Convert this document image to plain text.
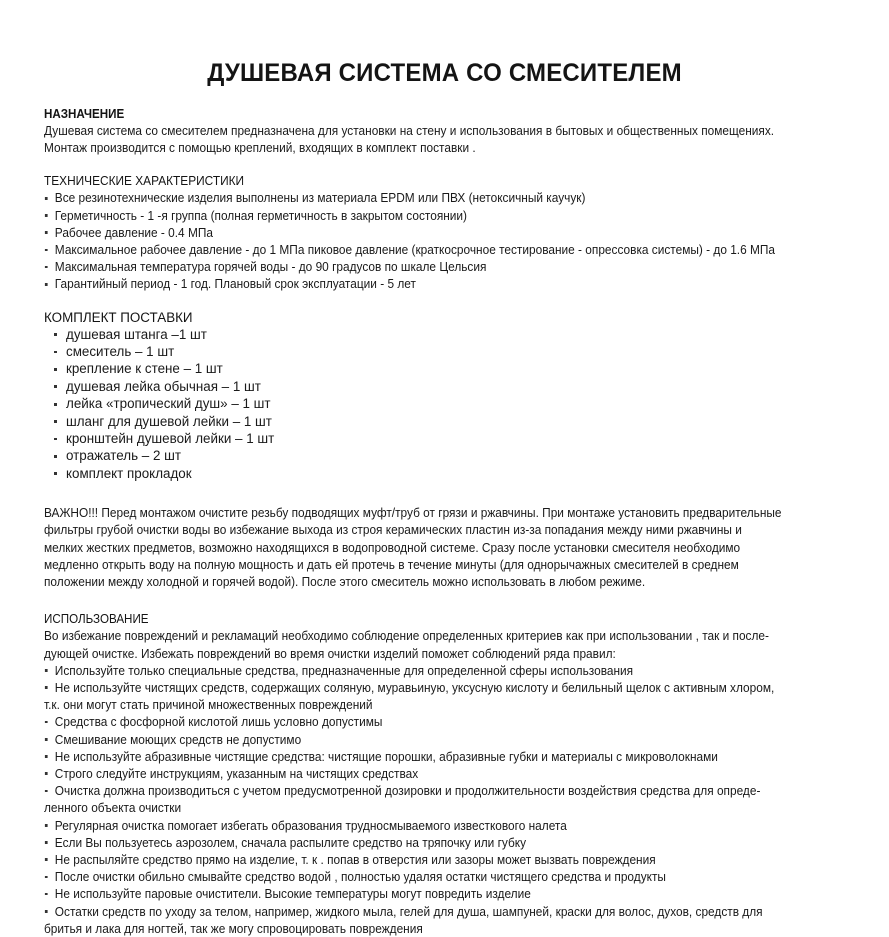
ДУШЕВАЯ СИСТЕМА СО СМЕСИТЕЛЕМ
НАЗНАЧЕНИЕ
Душевая система со смесителем предназначена для установки на стену и использования в бытовых и общественных помещениях.
Монтаж производится с помощью креплений, входящих в комплект поставки .
ТЕХНИЧЕСКИЕ ХАРАКТЕРИСТИКИ
Все резинотехнические изделия выполнены из материала EPDM или ПВХ (нетоксичный каучук)
Герметичность - 1 -я группа (полная герметичность в закрытом состоянии)
Рабочее давление - 0.4 МПа
Максимальное рабочее давление - до 1 МПа пиковое давление (краткосрочное тестирование - опрессовка системы) - до 1.6 МПа
Максимальная температура горячей воды - до 90 градусов по шкале Цельсия
Гарантийный период - 1 год. Плановый срок эксплуатации - 5 лет
КОМПЛЕКТ ПОСТАВКИ
душевая штанга –1 шт
смеситель – 1 шт
крепление к стене – 1 шт
душевая лейка обычная – 1 шт
лейка «тропический душ» – 1 шт
шланг для душевой лейки – 1 шт
кронштейн душевой лейки – 1 шт
отражатель – 2 шт
комплект прокладок
ВАЖНО!!! Перед монтажом очистите резьбу подводящих муфт/труб от грязи и ржавчины. При монтаже установить предварительные
фильтры грубой очистки воды во избежание выхода из строя керамических пластин из-за попадания между ними ржавчины и
мелких жестких предметов, возможно находящихся в водопроводной системе. Сразу после установки смесителя необходимо
медленно открыть воду на полную мощность и дать ей протечь в течение минуты (для однорычажных смесителей в среднем
положении между холодной и горячей водой). После этого смеситель можно использовать в любом режиме.
ИСПОЛЬЗОВАНИЕ
Во избежание повреждений и рекламаций необходимо соблюдение определенных критериев как при использовании , так и после-
дующей очистке. Избежать повреждений во время очистки изделий поможет соблюдений ряда правил:
Используйте только специальные средства, предназначенные для определенной сферы использования
Не используйте чистящих средств, содержащих соляную, муравьиную, уксусную кислоту и белильный щелок с активным хлором,
т.к. они могут стать причиной множественных повреждений
Средства с фосфорной кислотой лишь условно допустимы
Смешивание моющих средств не допустимо
Не используйте абразивные чистящие средства: чистящие порошки, абразивные губки и материалы с микроволокнами
Строго следуйте инструкциям, указанным на чистящих средствах
Очистка должна производиться с учетом предусмотренной дозировки и продолжительности воздействия средства для опреде-
ленного объекта очистки
Регулярная очистка помогает избегать образования трудносмываемого известкового налета
Если Вы пользуетесь аэрозолем, сначала распылите средство на тряпочку или губку
Не распыляйте средство прямо на изделие, т. к . попав в отверстия или зазоры может вызвать повреждения
После очистки обильно смывайте средство водой , полностью удаляя остатки чистящего средства и продукты
Не используйте паровые очистители. Высокие температуры могут повредить изделие
Остатки средств по уходу за телом, например, жидкого мыла, гелей для душа, шампуней, краски для волос, духов, средств для
бритья и лака для ногтей, так же могу спровоцировать повреждения
